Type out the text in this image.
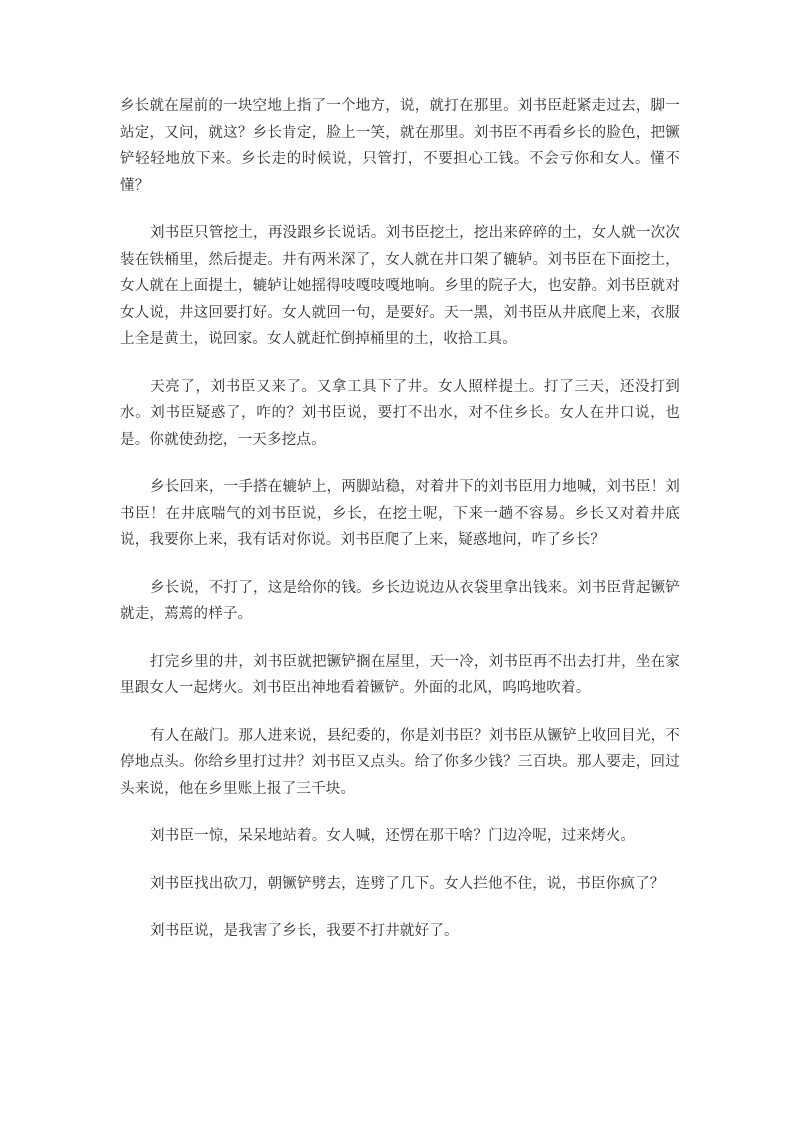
乡长就在屋前的一块空地上指了一个地方，说，就打在那里。刘书臣赶紧走过去，脚一站定，又问，就这？乡长肯定，脸上一笑，就在那里。刘书臣不再看乡长的脸色，把镢铲轻轻地放下来。乡长走的时候说，只管打，不要担心工钱。不会亏你和女人。懂不懂？

刘书臣只管挖土，再没跟乡长说话。刘书臣挖土，挖出来碎碎的土，女人就一次次装在铁桶里，然后提走。井有两米深了，女人就在井口架了辘轳。刘书臣在下面挖土，女人就在上面提土，辘轳让她摇得吱嘎吱嘎地响。乡里的院子大，也安静。刘书臣就对女人说，井这回要打好。女人就回一句，是要好。天一黑，刘书臣从井底爬上来，衣服上全是黄土，说回家。女人就赶忙倒掉桶里的土，收拾工具。

天亮了，刘书臣又来了。又拿工具下了井。女人照样提土。打了三天，还没打到水。刘书臣疑惑了，咋的？刘书臣说，要打不出水，对不住乡长。女人在井口说，也是。你就使劲挖，一天多挖点。

乡长回来，一手搭在辘轳上，两脚站稳，对着井下的刘书臣用力地喊，刘书臣！刘书臣！在井底喘气的刘书臣说，乡长，在挖土呢，下来一趟不容易。乡长又对着井底说，我要你上来，我有话对你说。刘书臣爬了上来，疑惑地问，咋了乡长？

乡长说，不打了，这是给你的钱。乡长边说边从衣袋里拿出钱来。刘书臣背起镢铲就走，蔫蔫的样子。

打完乡里的井，刘书臣就把镢铲搁在屋里，天一冷，刘书臣再不出去打井，坐在家里跟女人一起烤火。刘书臣出神地看着镢铲。外面的北风，呜呜地吹着。

有人在敲门。那人进来说，县纪委的，你是刘书臣？刘书臣从镢铲上收回目光，不停地点头。你给乡里打过井？刘书臣又点头。给了你多少钱？三百块。那人要走，回过头来说，他在乡里账上报了三千块。

刘书臣一惊，呆呆地站着。女人喊，还愣在那干啥？门边冷呢，过来烤火。

刘书臣找出砍刀，朝镢铲劈去，连劈了几下。女人拦他不住，说，书臣你疯了？

刘书臣说，是我害了乡长，我要不打井就好了。
